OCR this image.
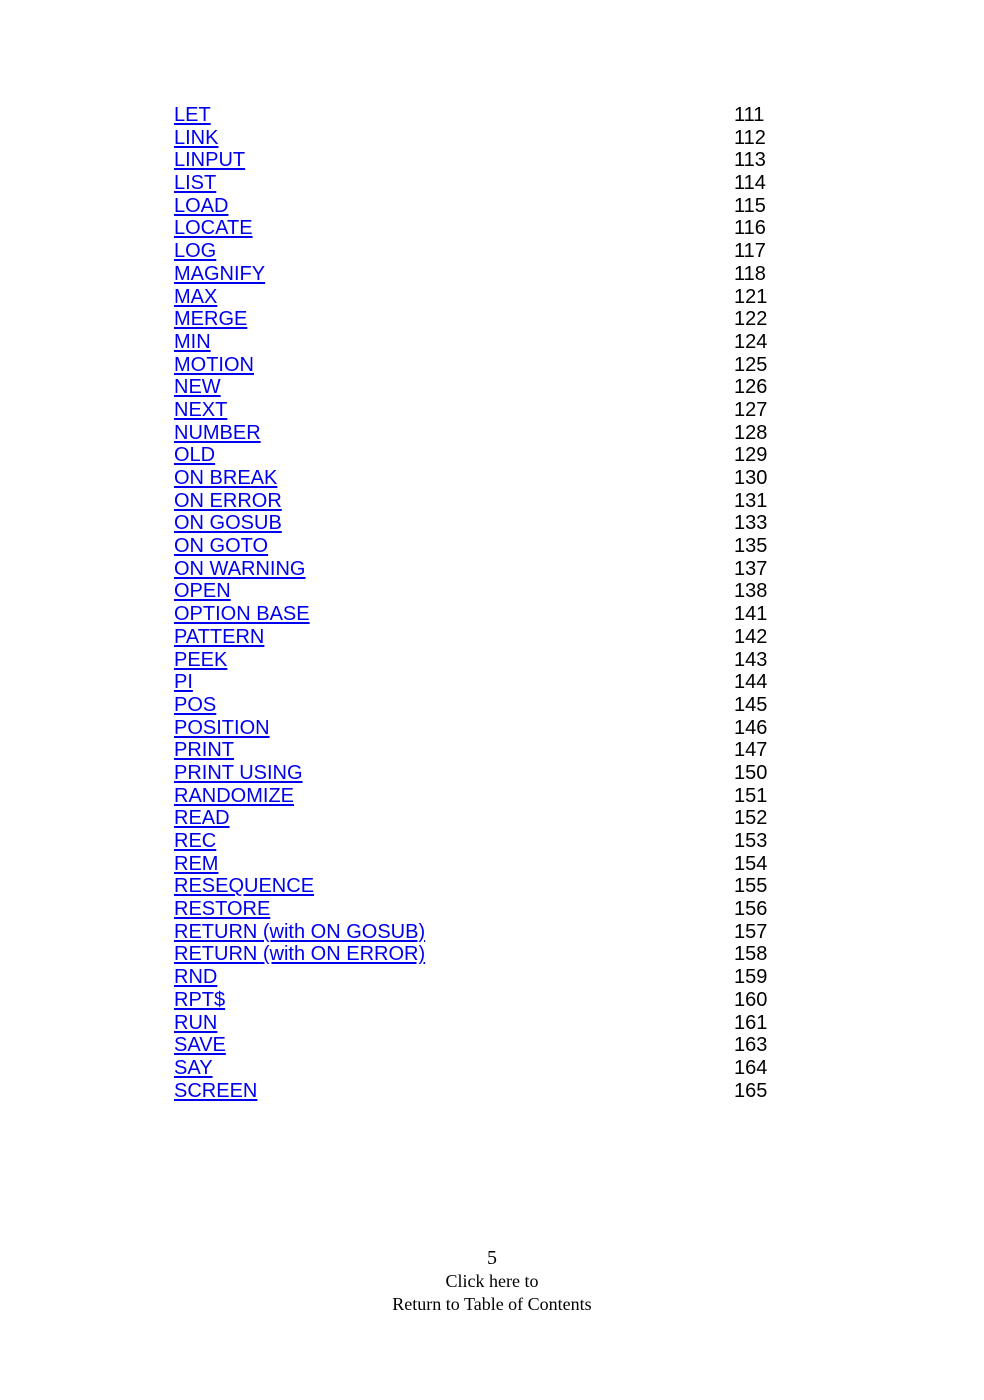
LET	111
LINK	112
LINPUT	113
LIST	114
LOAD	115
LOCATE	116
LOG	117
MAGNIFY	118
MAX	121
MERGE	122
MIN	124
MOTION	125
NEW	126
NEXT	127
NUMBER	128
OLD	129
ON BREAK	130
ON ERROR	131
ON GOSUB	133
ON GOTO	135
ON WARNING	137
OPEN	138
OPTION BASE	141
PATTERN	142
PEEK	143
PI	144
POS	145
POSITION	146
PRINT	147
PRINT USING	150
RANDOMIZE	151
READ	152
REC	153
REM	154
RESEQUENCE	155
RESTORE	156
RETURN (with ON GOSUB)	157
RETURN (with ON ERROR)	158
RND	159
RPT$	160
RUN	161
SAVE	163
SAY	164
SCREEN	165
5
Click here to
Return to Table of Contents
